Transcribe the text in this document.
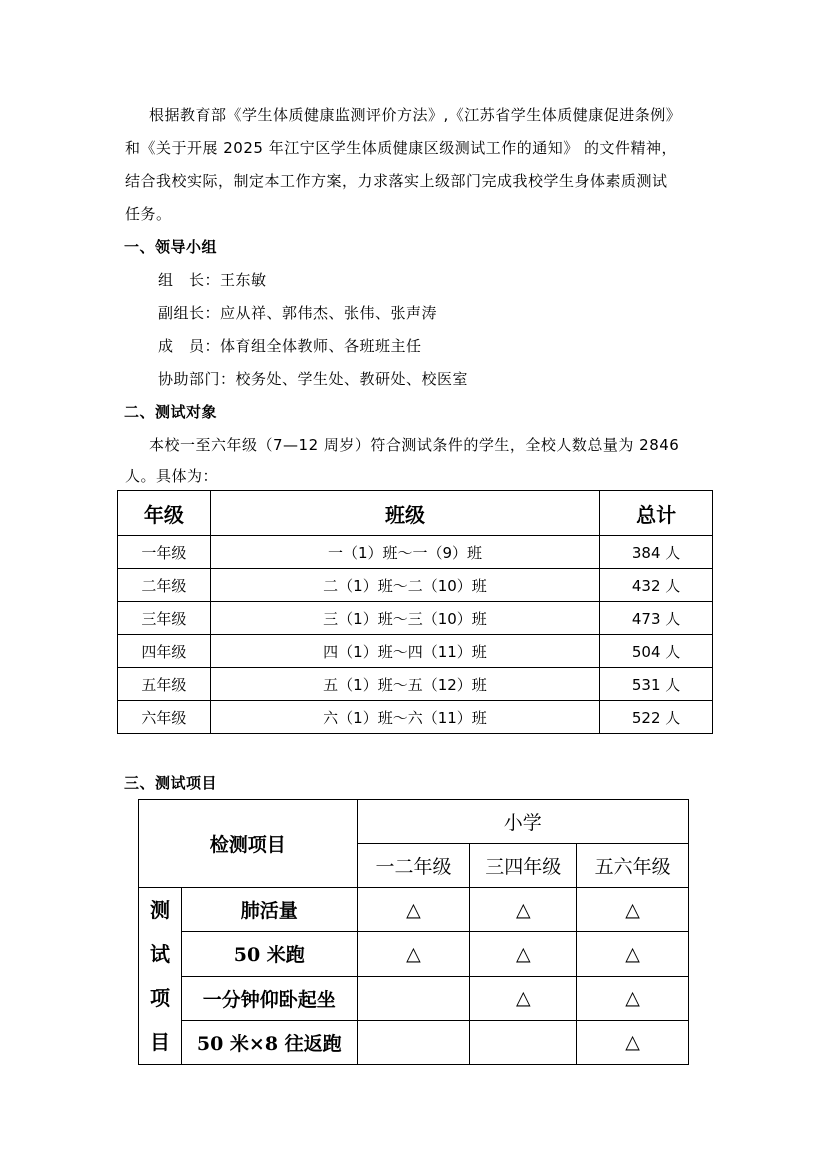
根据教育部《学生体质健康监测评价方法》,《江苏省学生体质健康促进条例》
和《关于开展 2025 年江宁区学生体质健康区级测试工作的通知》 的文件精神，
结合我校实际，制定本工作方案，力求落实上级部门完成我校学生身体素质测试
任务。
一、领导小组
组　长：王东敏
副组长：应从祥、郭伟杰、张伟、张声涛
成　员：体育组全体教师、各班班主任
协助部门：校务处、学生处、教研处、校医室
二、测试对象
本校一至六年级（7—12 周岁）符合测试条件的学生，全校人数总量为 2846
人。具体为：
年级	班级	总计
一年级	一（1）班～一（9）班	384 人
二年级	二（1）班～二（10）班	432 人
三年级	三（1）班～三（10）班	473 人
四年级	四（1）班～四（11）班	504 人
五年级	五（1）班～五（12）班	531 人
六年级	六（1）班～六（11）班	522 人
三、测试项目
检测项目		小学		
		一二年级	三四年级	五六年级

测
试
项
目	肺活量	△	△	△
	50 米跑	△	△	△
	一分钟仰卧起坐		△	△
	50 米×8 往返跑			△
